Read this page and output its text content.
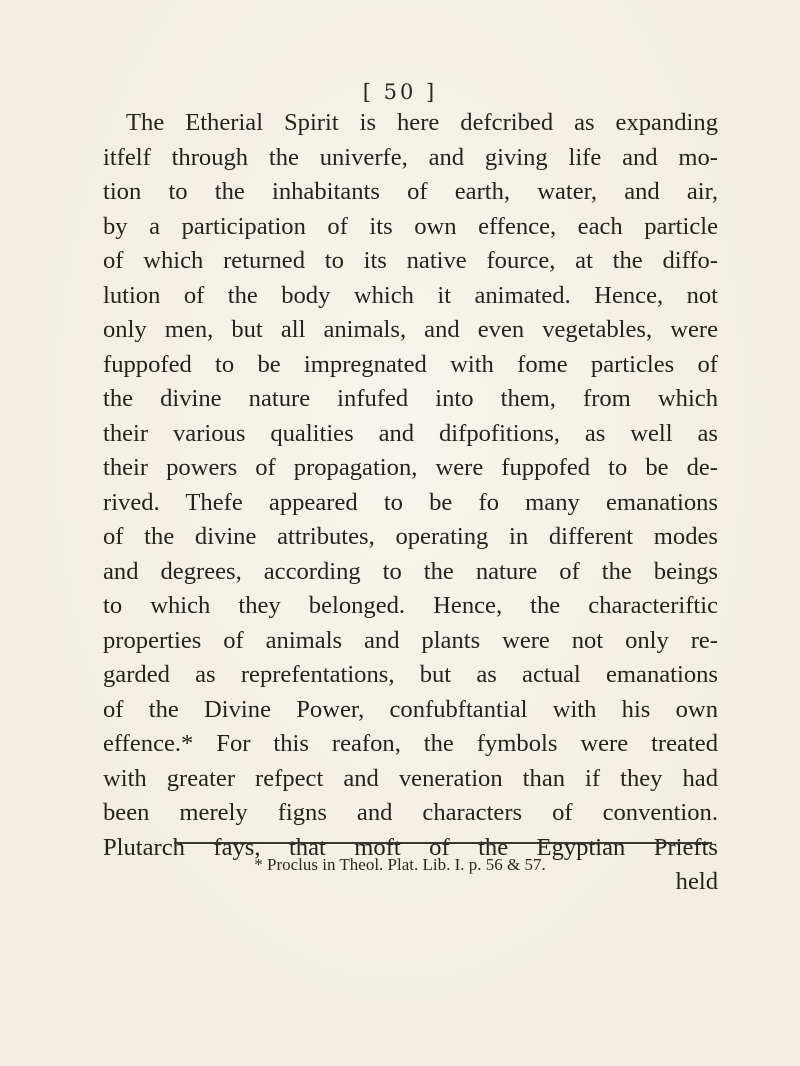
[ 50 ]
The Etherial Spirit is here defcribed as expanding
itfelf through the univerfe, and giving life and mo-
tion to the inhabitants of earth, water, and air,
by a participation of its own effence, each particle
of which returned to its native fource, at the diffo-
lution of the body which it animated. Hence, not
only men, but all animals, and even vegetables, were
fuppofed to be impregnated with fome particles of
the divine nature infufed into them, from which
their various qualities and difpofitions, as well as
their powers of propagation, were fuppofed to be de-
rived. Thefe appeared to be fo many emanations
of the divine attributes, operating in different modes
and degrees, according to the nature of the beings
to which they belonged. Hence, the characteriftic
properties of animals and plants were not only re-
garded as reprefentations, but as actual emanations
of the Divine Power, confubftantial with his own
effence.* For this reafon, the fymbols were treated
with greater refpect and veneration than if they had
been merely figns and characters of convention.
Plutarch fays, that moft of the Egyptian Priefts
held
* Proclus in Theol. Plat. Lib. I. p. 56 & 57.
